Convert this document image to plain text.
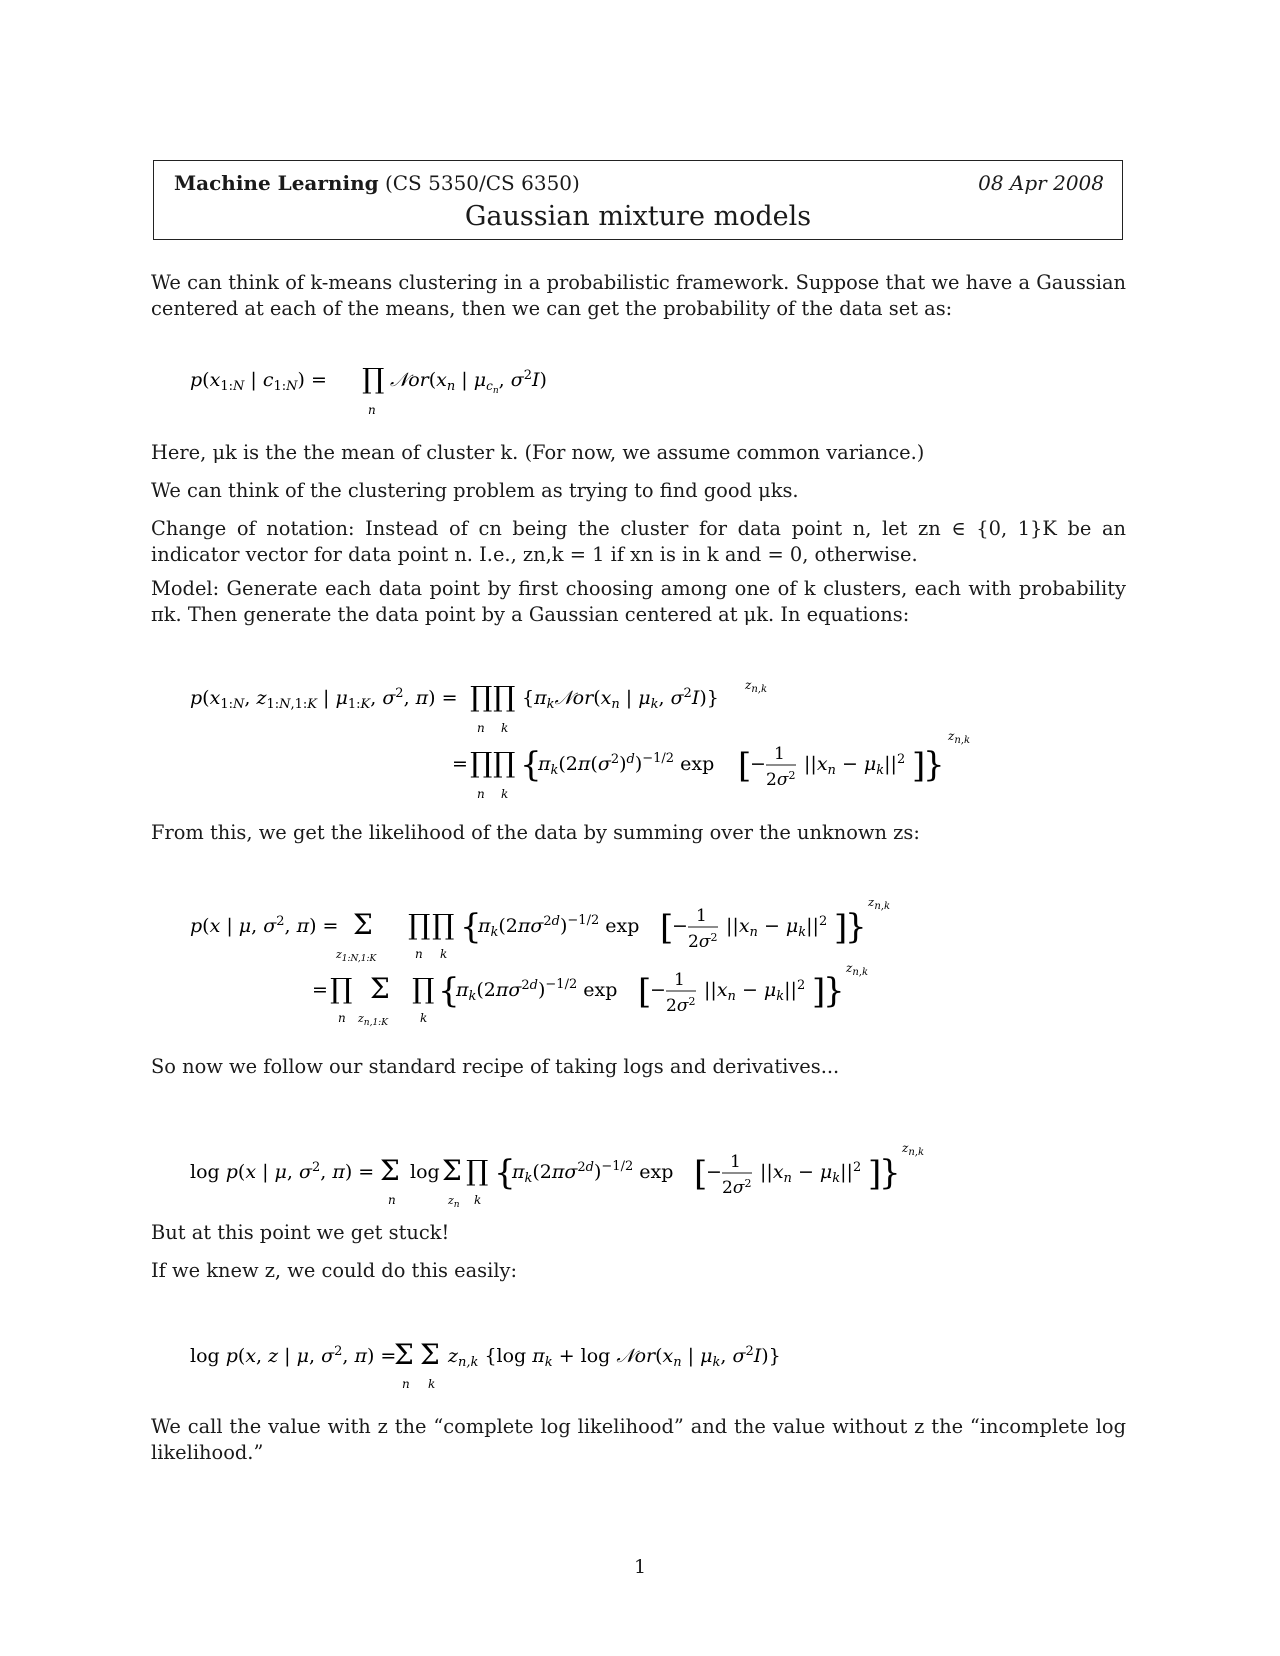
Machine Learning (CS 5350/CS 6350)	08 Apr 2008
Gaussian mixture models

We can think of k-means clustering in a probabilistic framework. Suppose that we have a Gaussian centered at each of the means, then we can get the probability of the data set as:

$p(x_{1:}N$ | $c_{1:}N$) = ∏
n
$𝒩or(x_n$ | $\mu_cn$, $\sigma^2I$)

Here, μk is the the mean of cluster k. (For now, we assume common variance.)

We can think of the clustering problem as trying to find good μks.

Change of notation: Instead of cn being the cluster for data point n, let zn ∈ {0, 1}K be an indicator vector for data point n. I.e., zn,k = 1 if xn is in k and = 0, otherwise.

Model: Generate each data point by first choosing among one of k clusters, each with probability πk. Then generate the data point by a Gaussian centered at μk. In equations:

$p(x_{1:}N$, $z_{1:}N,1:K$ | $\mu_{1:}K$, $\sigma^2$, π) = ∏ ∏
n k
{$\pi_k𝒩or(x_n$ | $\mu_k$, $\sigma^2I$)}
$z_{n,k}$
= ∏ ∏
n k
{
$\pi_k(2\pi(\sigma^2)^d)^{-1/2}$ exp [
− 1
$2\sigma^2$
$||x_n - \mu_k||^2$ ]
}
$z_{n,k}$

From this, we get the likelihood of the data by summing over the unknown zs:

p(x | μ, $\sigma^2$, π) = Σ
$z_{1:N,1:K}$
∏ ∏
n k
{
$\pi_k(2\pi\sigma^2d)^{-1/2}$ exp [
− 1
$2\sigma^2$
$||x_n - \mu_k||^2$ ]
}
$z_{n,k}$
= ∏
n
Σ
$z_{n,1:K}$
∏
k
{
$\pi_k(2\pi\sigma^2d)^{-1/2}$ exp [
− 1
$2\sigma^2$
$||x_n - \mu_k||^2$ ]
}
$z_{n,k}$

So now we follow our standard recipe of taking logs and derivatives...

log p(x | μ, $\sigma^2$, π) = Σ
n
log Σ
$z_n$
∏
k
{
$\pi_k(2\pi\sigma^2d)^{-1/2}$ exp [
− 1
$2\sigma^2$
$||x_n - \mu_k||^2$ ]
}
$z_{n,k}$

But at this point we get stuck!

If we knew z, we could do this easily:

log p(x, z | μ, $\sigma^2$, π) =
Σ
n
Σ
k
$z_{n,k}$ {log $\pi_k + \log$ $𝒩or(x_n$ | $\mu_k$, $\sigma^2I$)}

We call the value with z the “complete log likelihood” and the value without z the “incomplete log likelihood.”

1
